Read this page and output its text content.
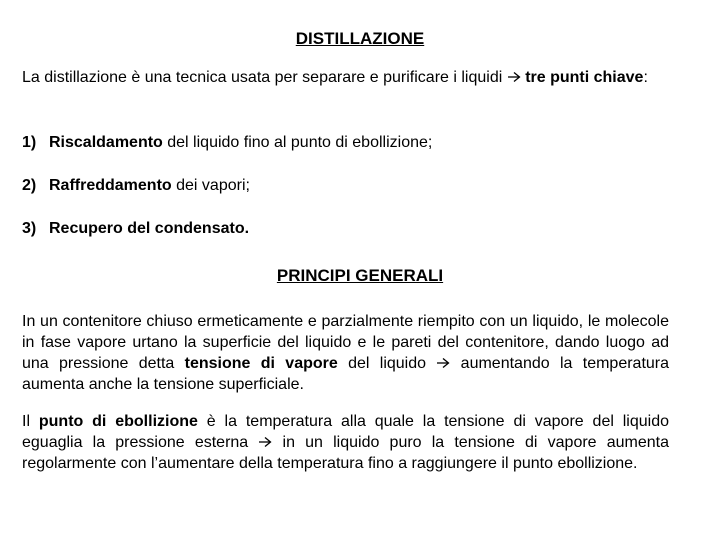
DISTILLAZIONE

La distillazione è una tecnica usata per separare e purificare i liquidi  tre punti chiave:

1) Riscaldamento del liquido fino al punto di ebollizione;
2) Raffreddamento dei vapori;
3) Recupero del condensato.
PRINCIPI GENERALI

In un contenitore chiuso ermeticamente e parzialmente riempito con un liquido, le molecole in fase vapore urtano la superficie del liquido e le pareti del contenitore, dando luogo ad una pressione detta tensione di vapore del liquido  aumentando la temperatura aumenta anche la tensione superficiale.

Il punto di ebollizione è la temperatura alla quale la tensione di vapore del liquido eguaglia la pressione esterna  in un liquido puro la tensione di vapore aumenta regolarmente con l’aumentare della temperatura fino a raggiungere il punto ebollizione.
